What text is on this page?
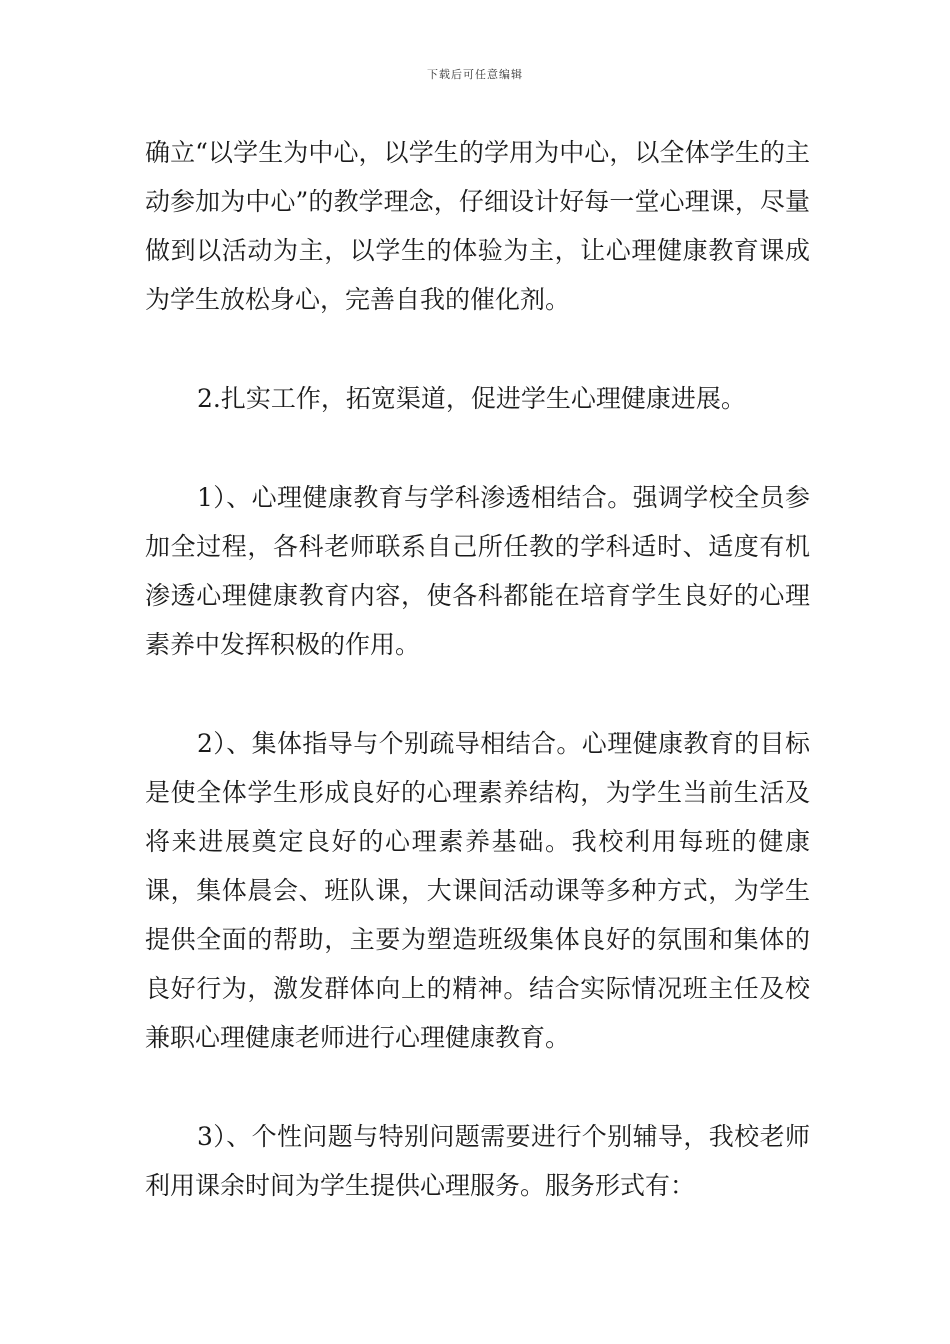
下载后可任意编辑

确立“以学生为中心，以学生的学用为中心，以全体学生的主动参加为中心”的教学理念，仔细设计好每一堂心理课，尽量做到以活动为主，以学生的体验为主，让心理健康教育课成为学生放松身心，完善自我的催化剂。

2.扎实工作，拓宽渠道，促进学生心理健康进展。

1）、心理健康教育与学科渗透相结合。强调学校全员参加全过程，各科老师联系自己所任教的学科适时、适度有机渗透心理健康教育内容，使各科都能在培育学生良好的心理素养中发挥积极的作用。

2）、集体指导与个别疏导相结合。心理健康教育的目标是使全体学生形成良好的心理素养结构，为学生当前生活及将来进展奠定良好的心理素养基础。我校利用每班的健康课，集体晨会、班队课，大课间活动课等多种方式，为学生提供全面的帮助，主要为塑造班级集体良好的氛围和集体的良好行为，激发群体向上的精神。结合实际情况班主任及校兼职心理健康老师进行心理健康教育。

3）、个性问题与特别问题需要进行个别辅导，我校老师利用课余时间为学生提供心理服务。服务形式有：
